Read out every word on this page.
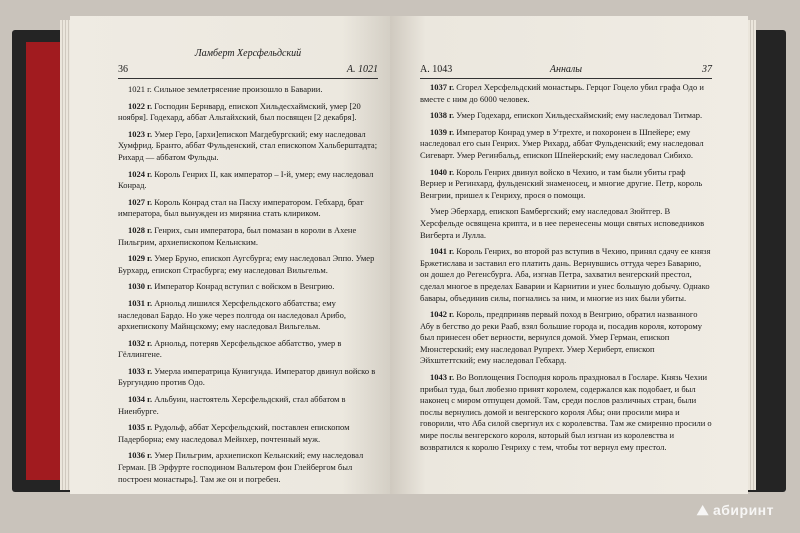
36
Ламберт Херсфельдский
A. 1021

1021 г. Сильное землетрясение произошло в Баварии.

1022 г. Господин Бернвард, епископ Хильдесхаймский, умер [20 ноября]. Годехард, аббат Альтайхский, был посвящен [2 декабря].

1023 г. Умер Геро, [архи]епископ Магдебургский; ему наследовал Хумфрид. Бранто, аббат Фульденский, стал епископом Хальберштадта; Рихард — аббатом Фульды.

1024 г. Король Генрих II, как император – I-й, умер; ему наследовал Конрад.

1027 г. Король Конрад стал на Пасху императором. Гебхард, брат императора, был вынужден из миряниа стать клириком.

1028 г. Генрих, сын императора, был помазан в короли в Ахене Пильгрим, архиепископом Кельнским.

1029 г. Умер Бруно, епископ Аугсбурга; ему наследовал Эппо. Умер Бурхард, епископ Страсбурга; ему наследовал Вильгельм.

1030 г. Император Конрад вступил с войском в Венгрию.

1031 г. Арнольд лишился Херсфельдского аббатства; ему наследовал Бардо. Но уже через полгода он наследовал Арибо, архиепископу Майнцскому; ему наследовал Вильгельм.

1032 г. Арнольд, потеряв Херсфельдское аббатство, умер в Гёллингене.

1033 г. Умерла императрица Кунигунда. Император двинул войско в Бургундию против Одо.

1034 г. Альбуин, настоятель Херсфельдский, стал аббатом в Ниенбурге.

1035 г. Рудольф, аббат Херсфельдский, поставлен епископом Падерборна; ему наследовал Мейнхер, почтенный муж.

1036 г. Умер Пильгрим, архиепископ Кельнский; ему наследовал Герман. [В Эрфурте господином Вальтером фон Глейбергом был построен монастырь]. Там же он и погребен.

A. 1043	Анналы	37

1037 г. Сгорел Херсфельдский монастырь. Герцог Гоцело убил графа Одо и вместе с ним до 6000 человек.

1038 г. Умер Годехард, епископ Хильдесхаймский; ему наследовал Титмар.

1039 г. Император Конрад умер в Утрехте, и похоронен в Шпейере; ему наследовал его сын Генрих. Умер Рихард, аббат Фульденский; ему наследовал Сигеварт. Умер Регинбальд, епископ Шпейерский; ему наследовал Сибихо.

1040 г. Король Генрих двинул войско в Чехию, и там были убиты граф Вернер и Регинхард, фульденский знаменосец, и многие другие. Петр, король Венгрии, пришел к Генриху, прося о помощи.

Умер Эберхард, епископ Бамбергский; ему наследовал Зюйтгер. В Херсфельде освящена крипта, и в нее перенесены мощи святых исповедников Вигберта и Лулла.

1041 г. Король Генрих, во второй раз вступив в Чехию, принял сдачу ее князя Бржетислава и заставил его платить дань. Вернувшись оттуда через Баварию, он дошел до Регенсбурга. Аба, изгнав Петра, захватил венгерский престол, сделал многое в пределах Баварии и Карнитии и унес большую добычу. Однако бавары, объединив силы, погнались за ним, и многие из них были убиты.

1042 г. Король, предприняв первый поход в Венгрию, обратил названного Абу в бегство до реки Рааб, взял большие города и, посадив короля, которому был принесен обет верности, вернулся домой. Умер Герман, епископ Мюнстерский; ему наследовал Рупрехт. Умер Хериберт, епископ Эйхштеттский; ему наследовал Гебхард.

1043 г. Во Воплощения Господня король праздновал в Госларе. Князь Чехии прибыл туда, был любезно принят королем, содержался как подобает, и был наконец с миром отпущен домой. Там, среди послов различных стран, были послы вернулись домой и венгерского короля Абы; они просили мира и говорили, что Аба силой свергнул их с королевства. Там же смиренно просили о мире послы венгерского короля, который был изгнан из королевства и возвратился к королю Генриху с тем, чтобы тот вернул ему престол.

⛰ абиринт
